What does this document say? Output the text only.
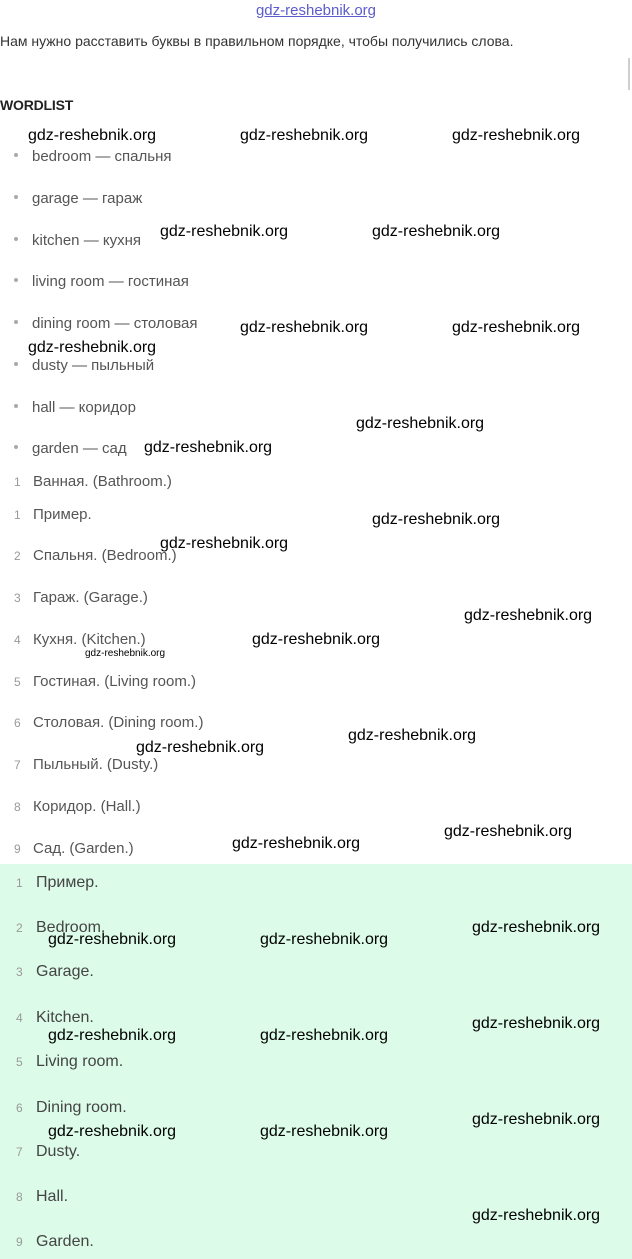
gdz-reshebnik.org
Нам нужно расставить буквы в правильном порядке, чтобы получились слова.
WORDLIST
bedroom — спальня
garage — гараж
kitchen — кухня
living room — гостиная
dining room — столовая
dusty — пыльный
hall — коридор
garden — сад
1 Ванная. (Bathroom.)
1 Пример.
2 Спальня. (Bedroom.)
3 Гараж. (Garage.)
4 Кухня. (Kitchen.)
5 Гостиная. (Living room.)
6 Столовая. (Dining room.)
7 Пыльный. (Dusty.)
8 Коридор. (Hall.)
9 Сад. (Garden.)
1 Пример.
2 Bedroom.
3 Garage.
4 Kitchen.
5 Living room.
6 Dining room.
7 Dusty.
8 Hall.
9 Garden.
gdz-reshebnik.org	gdz-reshebnik.org	gdz-reshebnik.org
gdz-reshebnik.org	gdz-reshebnik.org
gdz-reshebnik.org	gdz-reshebnik.org
gdz-reshebnik.org
gdz-reshebnik.org
gdz-reshebnik.org
gdz-reshebnik.org
gdz-reshebnik.org
gdz-reshebnik.org
gdz-reshebnik.org
gdz-reshebnik.org
gdz-reshebnik.org
gdz-reshebnik.org
gdz-reshebnik.org
gdz-reshebnik.org
gdz-reshebnik.org
gdz-reshebnik.org	gdz-reshebnik.org
gdz-reshebnik.org
gdz-reshebnik.org	gdz-reshebnik.org
gdz-reshebnik.org
gdz-reshebnik.org	gdz-reshebnik.org
gdz-reshebnik.org
